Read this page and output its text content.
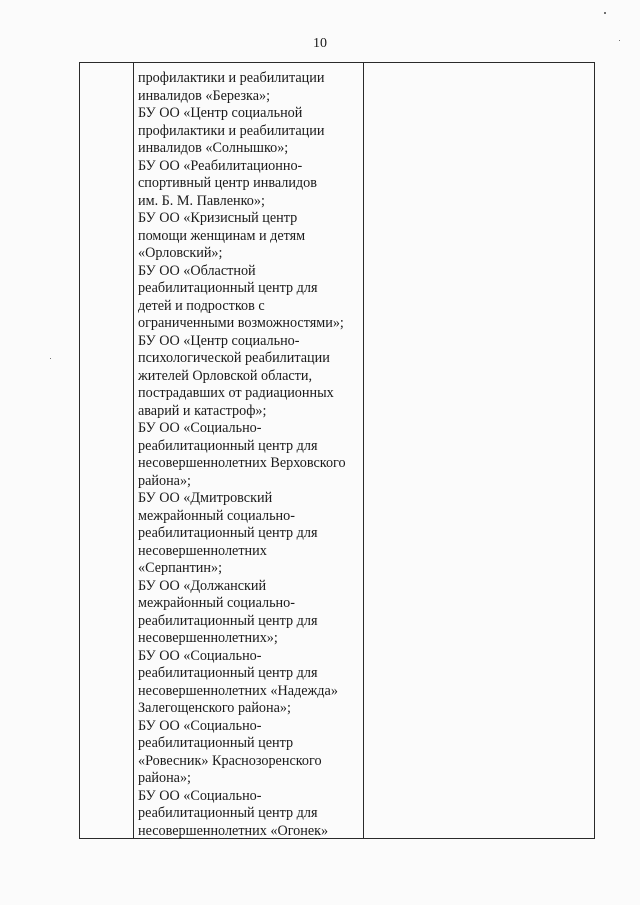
10
профилактики и реабилитации
инвалидов «Березка»;
БУ ОО «Центр социальной
профилактики и реабилитации
инвалидов «Солнышко»;
БУ ОО «Реабилитационно-
спортивный центр инвалидов
им. Б. М. Павленко»;
БУ ОО «Кризисный центр
помощи женщинам и детям
«Орловский»;
БУ ОО «Областной
реабилитационный центр для
детей и подростков с
ограниченными возможностями»;
БУ ОО «Центр социально-
психологической реабилитации
жителей Орловской области,
пострадавших от радиационных
аварий и катастроф»;
БУ ОО «Социально-
реабилитационный центр для
несовершеннолетних Верховского
района»;
БУ ОО «Дмитровский
межрайонный социально-
реабилитационный центр для
несовершеннолетних
«Серпантин»;
БУ ОО «Должанский
межрайонный социально-
реабилитационный центр для
несовершеннолетних»;
БУ ОО «Социально-
реабилитационный центр для
несовершеннолетних «Надежда»
Залегощенского района»;
БУ ОО «Социально-
реабилитационный центр
«Ровесник» Краснозоренского
района»;
БУ ОО «Социально-
реабилитационный центр для
несовершеннолетних «Огонек»
